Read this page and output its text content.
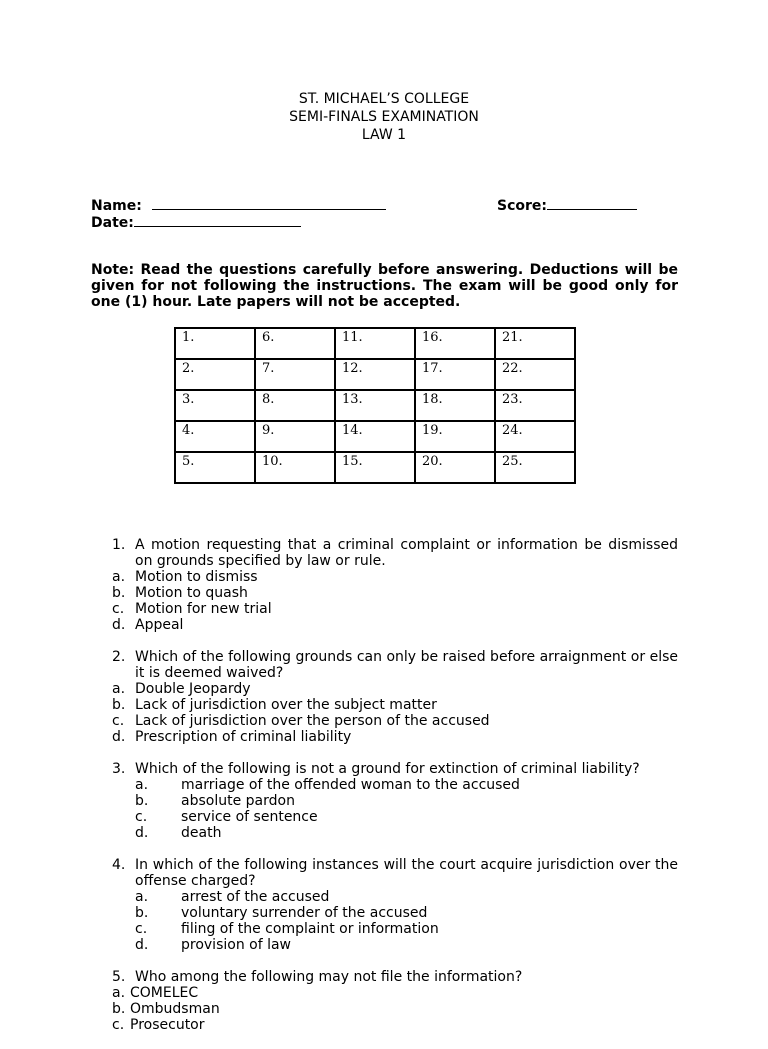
ST. MICHAEL’S COLLEGE
SEMI-FINALS EXAMINATION
LAW 1
Name:	Score:
Date:
Note: Read the questions carefully before answering. Deductions will be given for not following the instructions. The exam will be good only for one (1) hour. Late papers will not be accepted.
1.	6.	11.	16.	21.
2.	7.	12.	17.	22.
3.	8.	13.	18.	23.
4.	9.	14.	19.	24.
5.	10.	15.	20.	25.
1. A motion requesting that a criminal complaint or information be dismissed on grounds specified by law or rule.
a. Motion to dismiss
b. Motion to quash
c. Motion for new trial
d. Appeal
2. Which of the following grounds can only be raised before arraignment or else it is deemed waived?
a. Double Jeopardy
b. Lack of jurisdiction over the subject matter
c. Lack of jurisdiction over the person of the accused
d. Prescription of criminal liability
3. Which of the following is not a ground for extinction of criminal liability?
a. marriage of the offended woman to the accused
b. absolute pardon
c. service of sentence
d. death
4. In which of the following instances will the court acquire jurisdiction over the offense charged?
a. arrest of the accused
b. voluntary surrender of the accused
c. filing of the complaint or information
d. provision of law
5. Who among the following may not file the information?
a. COMELEC
b. Ombudsman
c. Prosecutor
